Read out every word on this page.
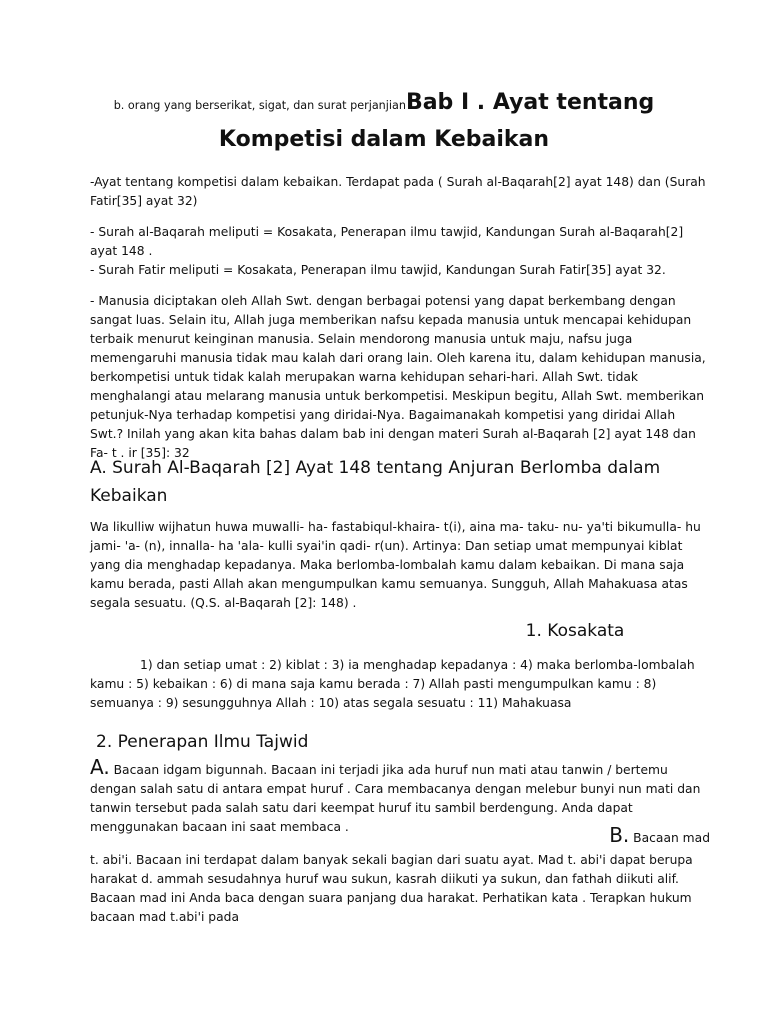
b. orang yang berserikat, sigat, dan surat perjanjianBab I . Ayat tentang
Kompetisi dalam Kebaikan

-Ayat tentang kompetisi dalam kebaikan. Terdapat pada ( Surah al-Baqarah[2] ayat 148) dan (Surah Fatir[35] ayat 32)

- Surah al-Baqarah meliputi = Kosakata, Penerapan ilmu tawjid, Kandungan Surah al-Baqarah[2] ayat 148 .

- Surah Fatir meliputi = Kosakata, Penerapan ilmu tawjid, Kandungan Surah Fatir[35] ayat 32.

- Manusia diciptakan oleh Allah Swt. dengan berbagai potensi yang dapat berkembang dengan sangat luas. Selain itu, Allah juga memberikan nafsu kepada manusia untuk mencapai kehidupan terbaik menurut keinginan manusia. Selain mendorong manusia untuk maju, nafsu juga memengaruhi manusia tidak mau kalah dari orang lain. Oleh karena itu, dalam kehidupan manusia, berkompetisi untuk tidak kalah merupakan warna kehidupan sehari-hari. Allah Swt. tidak menghalangi atau melarang manusia untuk berkompetisi. Meskipun begitu, Allah Swt. memberikan petunjuk-Nya terhadap kompetisi yang diridai-Nya. Bagaimanakah kompetisi yang diridai Allah Swt.? Inilah yang akan kita bahas dalam bab ini dengan materi Surah al-Baqarah [2] ayat 148 dan Fa- t . ir [35]: 32

A. Surah Al-Baqarah [2] Ayat 148 tentang Anjuran Berlomba dalam Kebaikan

Wa likulliw wijhatun huwa muwalli- ha- fastabiqul-khaira- t(i), aina ma- taku- nu- ya'ti bikumulla- hu jami- 'a- (n), innalla- ha 'ala- kulli syai'in qadi- r(un). Artinya: Dan setiap umat mempunyai kiblat yang dia menghadap kepadanya. Maka berlomba-lombalah kamu dalam kebaikan. Di mana saja kamu berada, pasti Allah akan mengumpulkan kamu semuanya. Sungguh, Allah Mahakuasa atas segala sesuatu. (Q.S. al-Baqarah [2]: 148) .

1. Kosakata

1) dan setiap umat : 2) kiblat : 3) ia menghadap kepadanya : 4) maka berlomba-lombalah kamu : 5) kebaikan : 6) di mana saja kamu berada : 7) Allah pasti mengumpulkan kamu : 8) semuanya : 9) sesungguhnya Allah : 10) atas segala sesuatu : 11) Mahakuasa

2. Penerapan Ilmu Tajwid

A. Bacaan idgam bigunnah. Bacaan ini terjadi jika ada huruf nun mati atau tanwin / bertemu dengan salah satu di antara empat huruf . Cara membacanya dengan melebur bunyi nun mati dan tanwin tersebut pada salah satu dari keempat huruf itu sambil berdengung. Anda dapat menggunakan bacaan ini saat membaca .	B. Bacaan mad

t. abi'i. Bacaan ini terdapat dalam banyak sekali bagian dari suatu ayat. Mad t. abi'i dapat berupa harakat d. ammah sesudahnya huruf wau sukun, kasrah diikuti ya sukun, dan fathah diikuti alif. Bacaan mad ini Anda baca dengan suara panjang dua harakat. Perhatikan kata . Terapkan hukum bacaan mad t.abi'i pada
